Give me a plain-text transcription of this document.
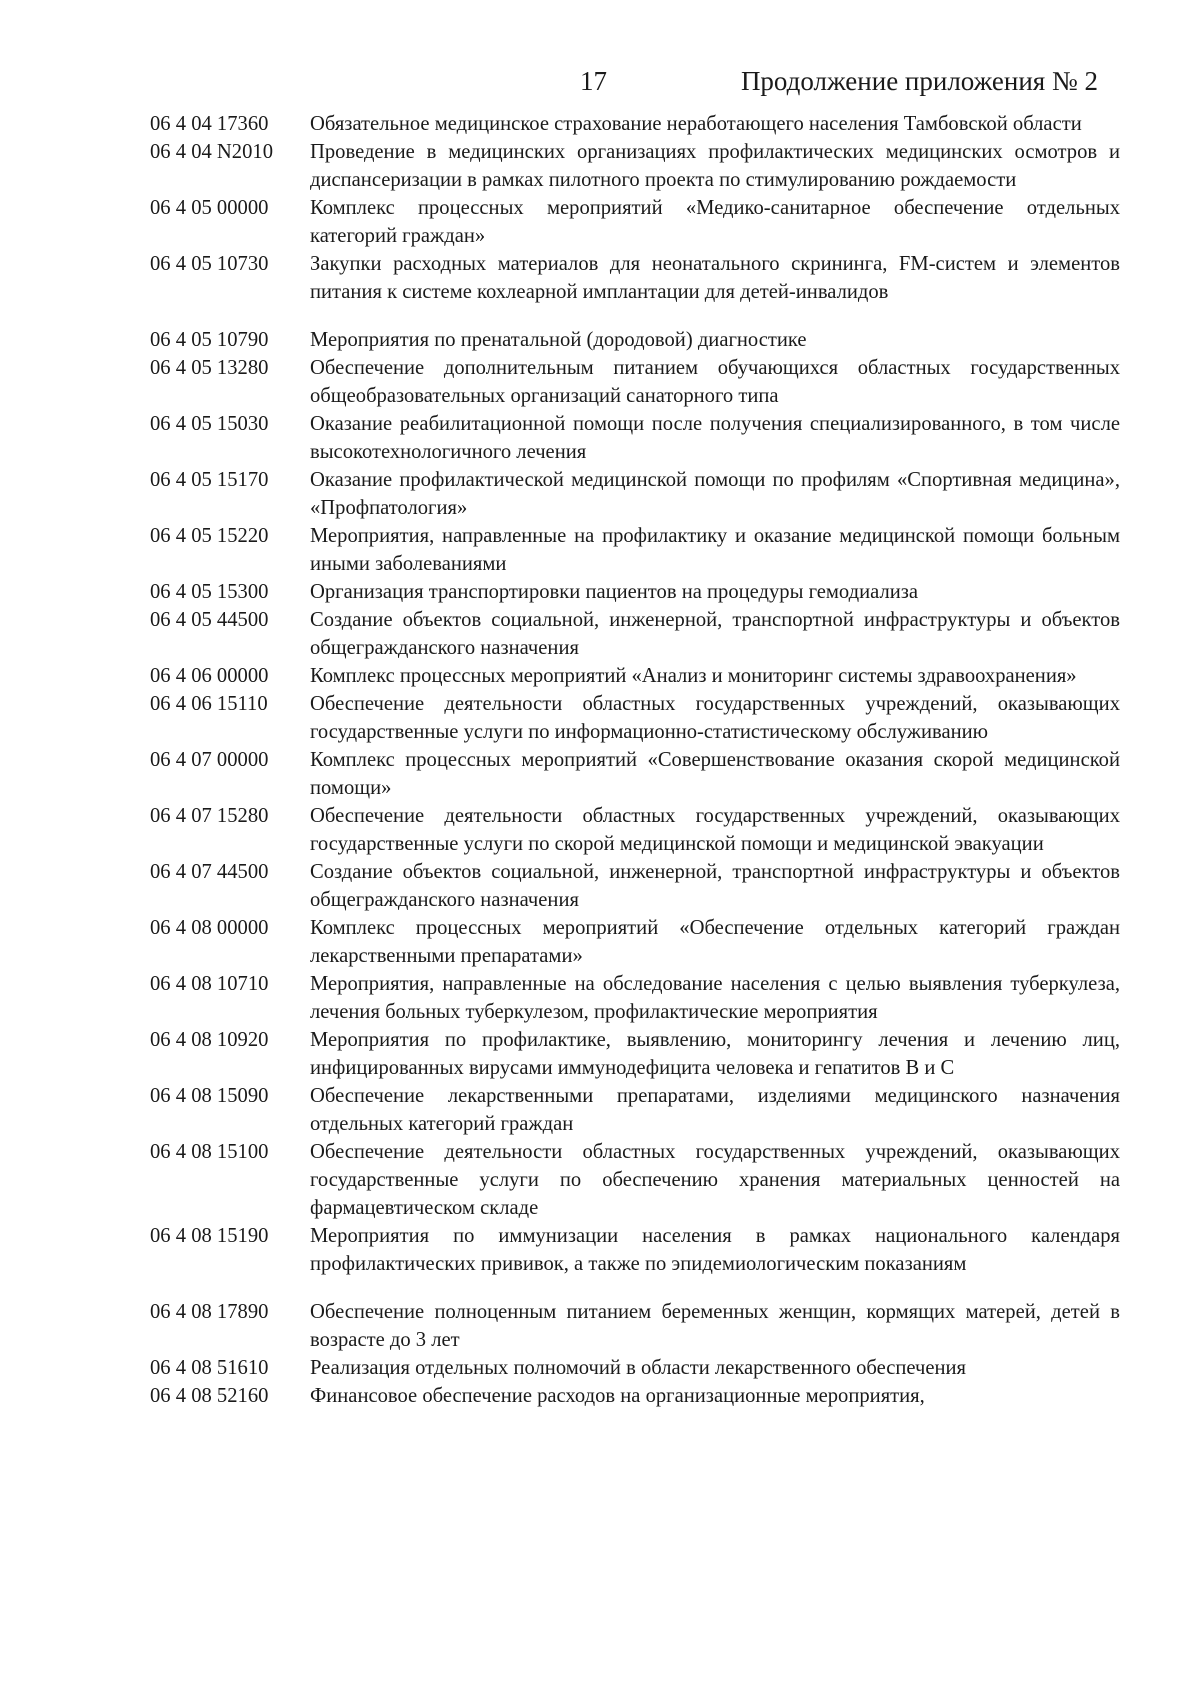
17	Продолжение приложения № 2
06 4 04 17360	Обязательное медицинское страхование неработающего населения Тамбовской области
06 4 04 N2010	Проведение в медицинских организациях профилактических медицинских осмотров и диспансеризации в рамках пилотного проекта по стимулированию рождаемости
06 4 05 00000	Комплекс процессных мероприятий «Медико-санитарное обеспечение отдельных категорий граждан»
06 4 05 10730	Закупки расходных материалов для неонатального скрининга, FM-систем и элементов питания к системе кохлеарной имплантации для детей-инвалидов
06 4 05 10790	Мероприятия по пренатальной (дородовой) диагностике
06 4 05 13280	Обеспечение дополнительным питанием обучающихся областных государственных общеобразовательных организаций санаторного типа
06 4 05 15030	Оказание реабилитационной помощи после получения специализированного, в том числе высокотехнологичного лечения
06 4 05 15170	Оказание профилактической медицинской помощи по профилям «Спортивная медицина», «Профпатология»
06 4 05 15220	Мероприятия, направленные на профилактику и оказание медицинской помощи больным иными заболеваниями
06 4 05 15300	Организация транспортировки пациентов на процедуры гемодиализа
06 4 05 44500	Создание объектов социальной, инженерной, транспортной инфраструктуры и объектов общегражданского назначения
06 4 06 00000	Комплекс процессных мероприятий «Анализ и мониторинг системы здравоохранения»
06 4 06 15110	Обеспечение деятельности областных государственных учреждений, оказывающих государственные услуги по информационно-статистическому обслуживанию
06 4 07 00000	Комплекс процессных мероприятий «Совершенствование оказания скорой медицинской помощи»
06 4 07 15280	Обеспечение деятельности областных государственных учреждений, оказывающих государственные услуги по скорой медицинской помощи и медицинской эвакуации
06 4 07 44500	Создание объектов социальной, инженерной, транспортной инфраструктуры и объектов общегражданского назначения
06 4 08 00000	Комплекс процессных мероприятий «Обеспечение отдельных категорий граждан лекарственными препаратами»
06 4 08 10710	Мероприятия, направленные на обследование населения с целью выявления туберкулеза, лечения больных туберкулезом, профилактические мероприятия
06 4 08 10920	Мероприятия по профилактике, выявлению, мониторингу лечения и лечению лиц, инфицированных вирусами иммунодефицита человека и гепатитов B и C
06 4 08 15090	Обеспечение лекарственными препаратами, изделиями медицинского назначения отдельных категорий граждан
06 4 08 15100	Обеспечение деятельности областных государственных учреждений, оказывающих государственные услуги по обеспечению хранения материальных ценностей на фармацевтическом складе
06 4 08 15190	Мероприятия по иммунизации населения в рамках национального календаря профилактических прививок, а также по эпидемиологическим показаниям
06 4 08 17890	Обеспечение полноценным питанием беременных женщин, кормящих матерей, детей в возрасте до 3 лет
06 4 08 51610	Реализация отдельных полномочий в области лекарственного обеспечения
06 4 08 52160	Финансовое обеспечение расходов на организационные мероприятия,
